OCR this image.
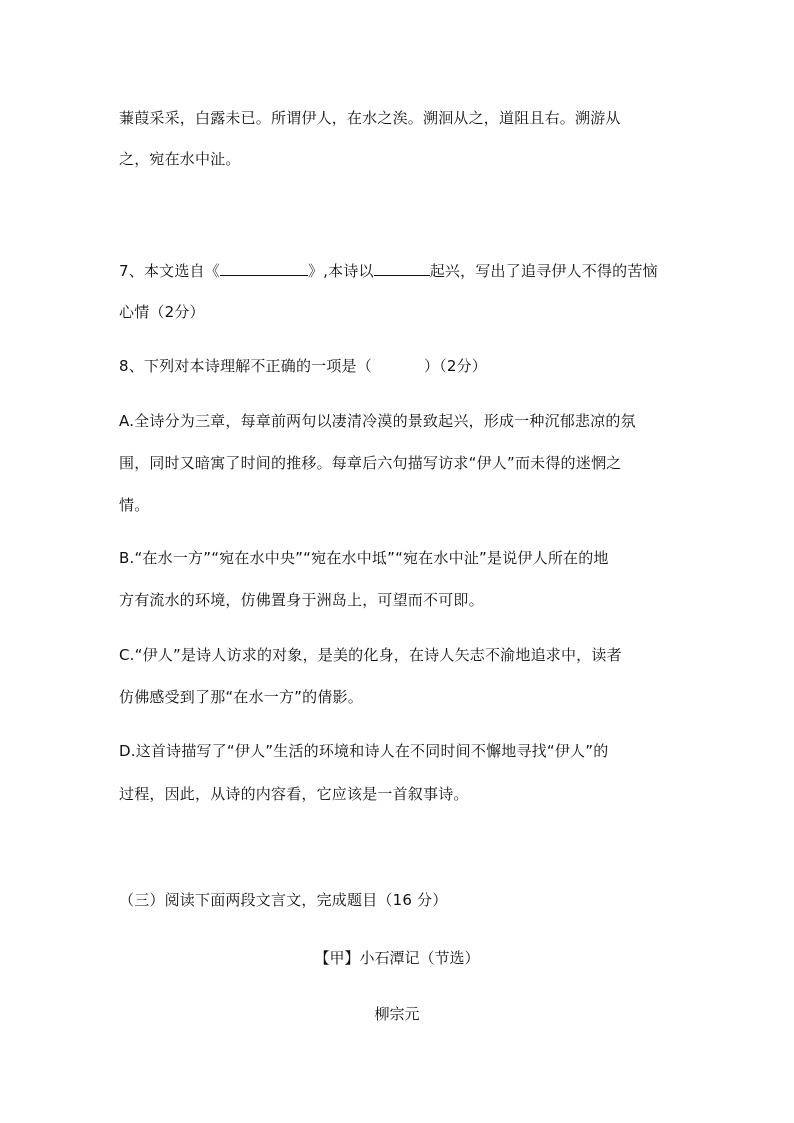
蒹葭采采，白露未已。所谓伊人，在水之涘。溯洄从之，道阻且右。溯游从
之，宛在水中沚。
7、本文选自《	》,本诗以	起兴，写出了追寻伊人不得的苦恼
心情（2分）
8、下列对本诗理解不正确的一项是（	）（2分）
A.全诗分为三章，每章前两句以凄清冷漠的景致起兴，形成一种沉郁悲凉的氛
围，同时又暗寓了时间的推移。每章后六句描写访求“伊人”而未得的迷惘之
情。
B.“在水一方”“宛在水中央”“宛在水中坻”“宛在水中沚”是说伊人所在的地
方有流水的环境，仿佛置身于洲岛上，可望而不可即。
C.“伊人”是诗人访求的对象，是美的化身，在诗人矢志不渝地追求中，读者
仿佛感受到了那“在水一方”的倩影。
D.这首诗描写了“伊人”生活的环境和诗人在不同时间不懈地寻找“伊人”的
过程，因此，从诗的内容看，它应该是一首叙事诗。
（三）阅读下面两段文言文，完成题目（16 分）
【甲】小石潭记（节选）
柳宗元
